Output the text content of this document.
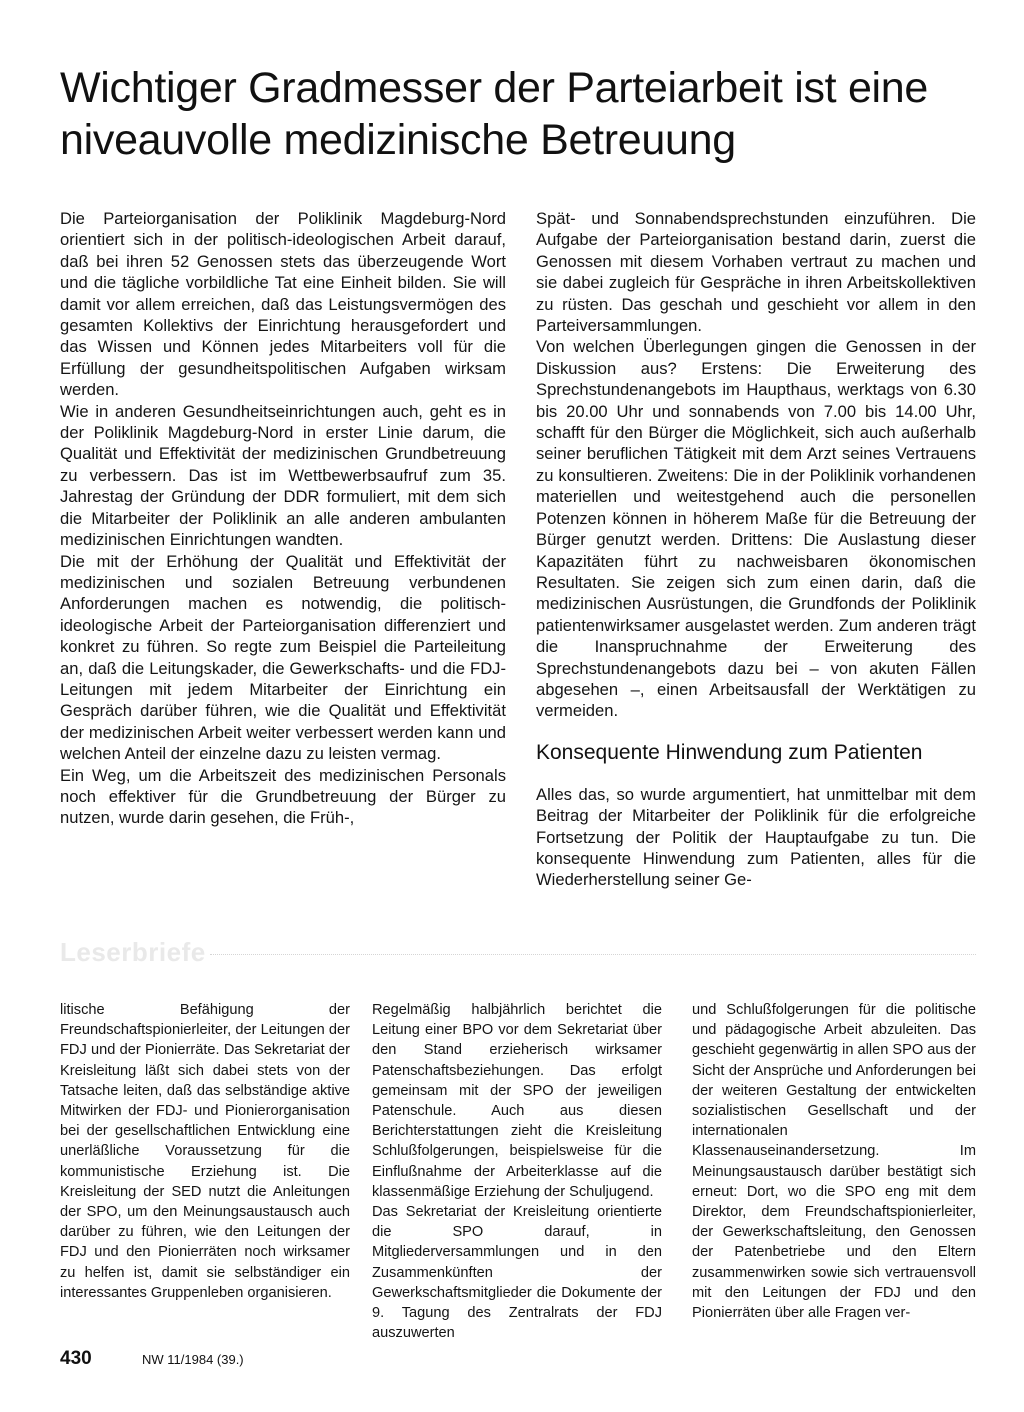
Wichtiger Gradmesser der Parteiarbeit ist eine niveauvolle medizinische Betreuung

Die Parteiorganisation der Poliklinik Magdeburg-Nord orientiert sich in der politisch-ideologischen Arbeit darauf, daß bei ihren 52 Genossen stets das überzeugende Wort und die tägliche vorbildliche Tat eine Einheit bilden. Sie will damit vor allem erreichen, daß das Leistungsvermögen des gesamten Kollektivs der Einrichtung herausgefordert und das Wissen und Können jedes Mitarbeiters voll für die Erfüllung der gesundheitspolitischen Aufgaben wirksam werden.

Wie in anderen Gesundheitseinrichtungen auch, geht es in der Poliklinik Magdeburg-Nord in erster Linie darum, die Qualität und Effektivität der medizinischen Grundbetreuung zu verbessern. Das ist im Wettbewerbsaufruf zum 35. Jahrestag der Gründung der DDR formuliert, mit dem sich die Mitarbeiter der Poliklinik an alle anderen ambulanten medizinischen Einrichtungen wandten.

Die mit der Erhöhung der Qualität und Effektivität der medizinischen und sozialen Betreuung verbundenen Anforderungen machen es notwendig, die politisch-ideologische Arbeit der Parteiorganisation differenziert und konkret zu führen. So regte zum Beispiel die Parteileitung an, daß die Leitungskader, die Gewerkschafts- und die FDJ-Leitungen mit jedem Mitarbeiter der Einrichtung ein Gespräch darüber führen, wie die Qualität und Effektivität der medizinischen Arbeit weiter verbessert werden kann und welchen Anteil der einzelne dazu zu leisten vermag.

Ein Weg, um die Arbeitszeit des medizinischen Personals noch effektiver für die Grundbetreuung der Bürger zu nutzen, wurde darin gesehen, die Früh-,

Spät- und Sonnabendsprechstunden einzuführen. Die Aufgabe der Parteiorganisation bestand darin, zuerst die Genossen mit diesem Vorhaben vertraut zu machen und sie dabei zugleich für Gespräche in ihren Arbeitskollektiven zu rüsten. Das geschah und geschieht vor allem in den Parteiversammlungen.

Von welchen Überlegungen gingen die Genossen in der Diskussion aus? Erstens: Die Erweiterung des Sprechstundenangebots im Haupthaus, werktags von 6.30 bis 20.00 Uhr und sonnabends von 7.00 bis 14.00 Uhr, schafft für den Bürger die Möglichkeit, sich auch außerhalb seiner beruflichen Tätigkeit mit dem Arzt seines Vertrauens zu konsultieren. Zweitens: Die in der Poliklinik vorhandenen materiellen und weitestgehend auch die personellen Potenzen können in höherem Maße für die Betreuung der Bürger genutzt werden. Drittens: Die Auslastung dieser Kapazitäten führt zu nachweisbaren ökonomischen Resultaten. Sie zeigen sich zum einen darin, daß die medizinischen Ausrüstungen, die Grundfonds der Poliklinik patientenwirksamer ausgelastet werden. Zum anderen trägt die Inanspruchnahme der Erweiterung des Sprechstundenangebots dazu bei – von akuten Fällen abgesehen –, einen Arbeitsausfall der Werktätigen zu vermeiden.

Konsequente Hinwendung zum Patienten

Alles das, so wurde argumentiert, hat unmittelbar mit dem Beitrag der Mitarbeiter der Poliklinik für die erfolgreiche Fortsetzung der Politik der Hauptaufgabe zu tun. Die konsequente Hinwendung zum Patienten, alles für die Wiederherstellung seiner Ge-

Leserbriefe

litische Befähigung der Freundschaftspionierleiter, der Leitungen der FDJ und der Pionierräte. Das Sekretariat der Kreisleitung läßt sich dabei stets von der Tatsache leiten, daß das selbständige aktive Mitwirken der FDJ- und Pionierorganisation bei der gesellschaftlichen Entwicklung eine unerläßliche Voraussetzung für die kommunistische Erziehung ist. Die Kreisleitung der SED nutzt die Anleitungen der SPO, um den Meinungsaustausch auch darüber zu führen, wie den Leitungen der FDJ und den Pionierräten noch wirksamer zu helfen ist, damit sie selbständiger ein interessantes Gruppenleben organisieren.

Regelmäßig halbjährlich berichtet die Leitung einer BPO vor dem Sekretariat über den Stand erzieherisch wirksamer Patenschaftsbeziehungen. Das erfolgt gemeinsam mit der SPO der jeweiligen Patenschule. Auch aus diesen Berichterstattungen zieht die Kreisleitung Schlußfolgerungen, beispielsweise für die Einflußnahme der Arbeiterklasse auf die klassenmäßige Erziehung der Schuljugend.

Das Sekretariat der Kreisleitung orientierte die SPO darauf, in Mitgliederversammlungen und in den Zusammenkünften der Gewerkschaftsmitglieder die Dokumente der 9. Tagung des Zentralrats der FDJ auszuwerten

und Schlußfolgerungen für die politische und pädagogische Arbeit abzuleiten. Das geschieht gegenwärtig in allen SPO aus der Sicht der Ansprüche und Anforderungen bei der weiteren Gestaltung der entwickelten sozialistischen Gesellschaft und der internationalen Klassenauseinandersetzung. Im Meinungsaustausch darüber bestätigt sich erneut: Dort, wo die SPO eng mit dem Direktor, dem Freundschaftspionierleiter, der Gewerkschaftsleitung, den Genossen der Patenbetriebe und den Eltern zusammenwirken sowie sich vertrauensvoll mit den Leitungen der FDJ und den Pionierräten über alle Fragen ver-

430	NW 11/1984 (39.)
